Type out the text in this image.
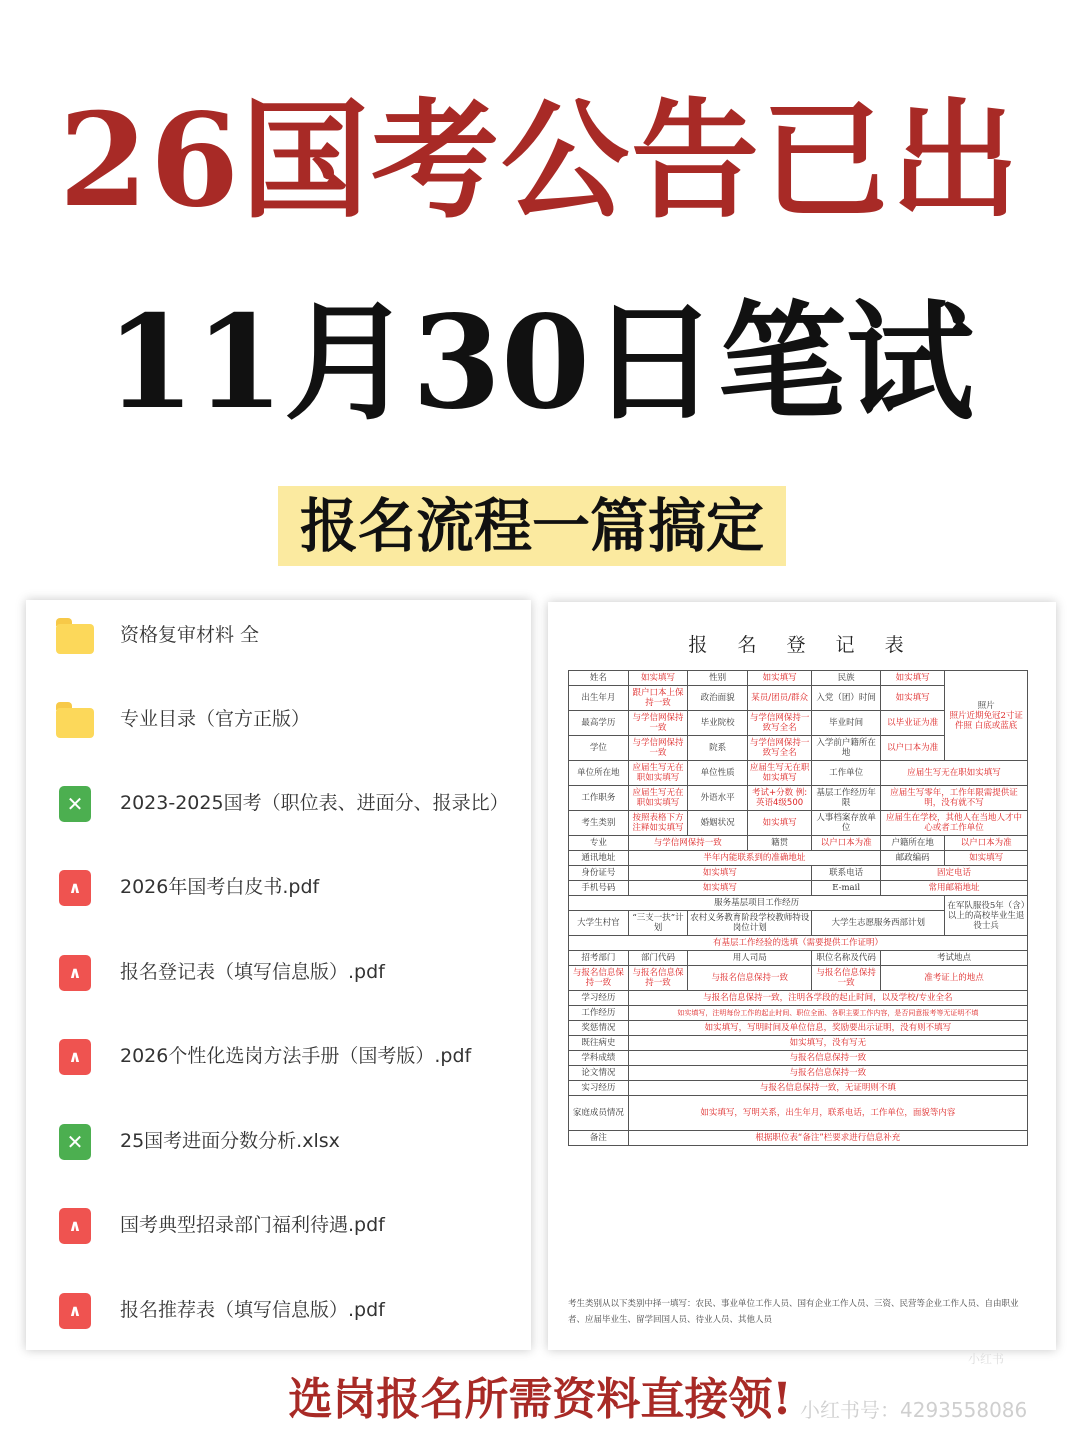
26国考公告已出
11月30日笔试
报名流程一篇搞定
资格复审材料 全
专业目录（官方正版）
✕	2023-2025国考（职位表、进面分、报录比）
∧	2026年国考白皮书.pdf
∧	报名登记表（填写信息版）.pdf
∧	2026个性化选岗方法手册（国考版）.pdf
✕	25国考进面分数分析.xlsx
∧	国考典型招录部门福利待遇.pdf
∧	报名推荐表（填写信息版）.pdf
报 名 登 记 表
姓名	如实填写	性别	如实填写	民族	如实填写	照片
照片近期免冠2寸证件照 白底或蓝底

出生年月	跟户口本上保持一致	政治面貌	某员/团员/群众	入党（团）时间	如实填写	
最高学历	与学信网保持一致	毕业院校	与学信网保持一致写全名	毕业时间	以毕业证为准	
学位	与学信网保持一致	院系	与学信网保持一致写全名	入学前户籍所在地	以户口本为准	
单位所在地	应届生写无在职如实填写	单位性质	应届生写无在职如实填写	工作单位	应届生写无在职如实填写	
工作职务	应届生写无在职如实填写	外语水平	考试+分数 例:英语4级500	基层工作经历年限	应届生写零年，工作年限需提供证明，没有就不写	
考生类别	按照表格下方注释如实填写	婚姻状况	如实填写	人事档案存放单位	应届生在学校，其他人在当地人才中心或者工作单位	
专业	与学信网保持一致		籍贯	以户口本为准	户籍所在地	以户口本为准
通讯地址	半年内能联系到的准确地址				邮政编码	如实填写
身份证号	如实填写			联系电话	固定电话	
手机号码	如实填写			E-mail	常用邮箱地址	
服务基层项目工作经历						在军队服役5年（含）以上的高校毕业生退役士兵
大学生村官	“三支一扶”计划	农村义务教育阶段学校教师特设岗位计划		大学生志愿服务西部计划		
有基层工作经验的选填（需要提供工作证明）						
招考部门	部门代码	用人司局		职位名称及代码	考试地点	
与报名信息保持一致	与报名信息保持一致	与报名信息保持一致		与报名信息保持一致	准考证上的地点	
学习经历	与报名信息保持一致，注明各学段的起止时间，以及学校/专业全名					
工作经历	如实填写，注明每份工作的起止时间、职位全面、各职主要工作内容，是否同意报考等无证明不填					
奖惩情况	如实填写，写明时间及单位信息，奖励要出示证明，没有则不填写					
既往病史	如实填写，没有写无					
学科成绩	与报名信息保持一致					
论文情况	与报名信息保持一致					
实习经历	与报名信息保持一致，无证明则不填					
家庭成员情况	如实填写，写明关系，出生年月，联系电话，工作单位，面貌等内容					
备注	根据职位表“备注”栏要求进行信息补充					
考生类别从以下类别中择一填写：农民、事业单位工作人员、国有企业工作人员、三资、民营等企业工作人员、自由职业者、应届毕业生、留学回国人员、待业人员、其他人员
小红书
选岗报名所需资料直接领! 小红书号：4293558086
